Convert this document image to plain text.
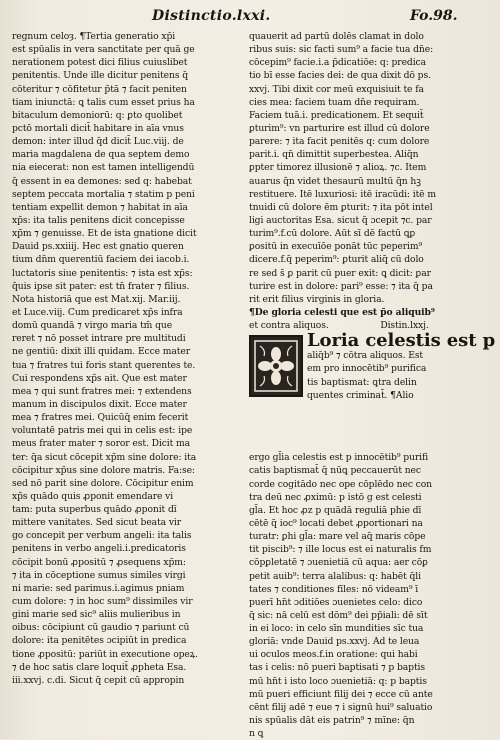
Distinctio.lxxi.	Fo.98.
regnum celoȝ. ¶Tertia generatio xp̄i
est spūalis in vera sanctitate per quā ge
nerationem potest dici filius cuiuslibet
penitentis. Unde ille dicitur penitens q̄
cōteritur ⁊ cōfitetur p̄tā ⁊ facit peniten
tiam iniunctā: ꝗ talis cum esset prius ha
bitaculum demoniorū: q: ꝑto quolibet
pctō mortali dicit̄ habitare in aīa vnus
demon: inter illud q̄d dicit̄ Luc.viij. de
maria magdalena de qua septem demo
nia eiecerat: non est tamen intelligendū
q̄ essent in ea demones: sed q: habebat
septem peccata mortalia ⁊ statim p peni
tentiam expellit demon ⁊ habitat in aīa
xp̄s: ita talis penitens dicit concepisse
xp̄m ⁊ genuisse. Et de ista gnatione dicit
Dauid ps.xxiiij. Hec est gnatio queren
tium dn̄m querentiū faciem dei iacob.i.
luctatoris siue penitentis: ⁊ ista est xp̄s:
q̄uis ipse sit pater: est tn̄ frater ⁊ filius.
Nota historiā que est Mat.xij. Mar.iij.
et Luce.viij. Cum predicaret xp̄s infra
domū quandā ⁊ virgo maria tm̄ que
reret ⁊ nō posset intrare pre multitudi
ne gentiū: dixit illi quidam. Ecce mater
tua ⁊ fratres tui foris stant querentes te.
Cui respondens xp̄s ait. Que est mater
mea ⁊ qui sunt fratres mei: ⁊ extendens
manum in discipulos dixit. Ecce mater
mea ⁊ fratres mei. Quicūq̄ enim fecerit
voluntatē patris mei qui in celis est: ipe
meus frater mater ⁊ soror est. Dicit ma
ter: q̄a sicut cōcepit xp̄m sine dolore: ita
cōcipitur xp̄us sine dolore matris. Fa:se:
sed nō parit sine dolore. Cōcipitur enim
xp̄s quādo quis ꝓponit emendare vi
tam: puta superbus quādo ꝓponit dī
mittere vanitates. Sed sicut beata vir
go concepit per verbum angeli: ita talis
penitens in verbo angeli.i.predicatoris
cōcipit bonū ꝓpositū ⁊ ꝓsequens xp̄m:
⁊ ita in cōceptione sumus similes virgi
ni marie: sed parimus.i.agimus pniam
cum dolore: ⁊ in hoc sum⁹ dissimiles vir
gini marie sed sic⁹ aliis mulieribus in
oibus: cōcipiunt cū gaudio ⁊ pariunt cū
dolore: ita penitētes ɔcipiūt in predica
tione ꝓpositū: pariūt in executione opeꝝ.
⁊ de hoc satis clare loquit̄ ꝓpheta Esa.
iii.xxvj. c.di. Sicut q̄ cepit cū appropin
quauerit ad partū dolēs clamat in dolo
ribus suis: sic facti sum⁹ a facie tua dn̄e:
cōcepim⁹ facie.i.a p̄dicatiōe: q: predica
tio bī esse facies dei: de qua dixit dō ps.
xxvj. Tibi dixit cor meū exquisiuit te fa
cies mea: faciem tuam dn̄e requiram.
Faciem tuā.i. predicationem. Et sequit̄
ꝑturim⁹: vn parturire est illud cū dolore
parere: ⁊ ita facit penitēs q: cum dolore
parit.i. qn̄ dimittit superbestea. Aliq̄n
ꝑpter timorez illusionē ⁊ alioꝝ. ⁊c. Item
auarus q̄n videt thesaurū multū q̄n hꝫ
restituere. Itē luxuriosi: itē iracūdi: itē m
tnuidi cū dolore ēm ꝑturit: ⁊ ita pōt intel
ligi auctoritas Esa. sicut q̄ ɔcepit ⁊c. par
turim⁹.f.cū dolore. Aūt sī dē factū ꝗꝑ
ꝑositū in execuīōe ponāt tūc peperim⁹
dicere.f.q̄ peperim⁹: ꝑturit aliq̄ cū dolo
re sed s̄ ꝑ parit cū puer exit: ꝗ dicit: ꝑar
turire est in dolore: pari⁹ esse: ⁊ ita q̄ pa
rit erit filius virginis in gloria.
¶De gloria celesti que est p̄o aliquib⁹
et contra aliquos.	Distin.lxxj.
Loria celestis est p
aliq̄b⁹ ⁊ cōtra aliquos. Est
em pro innocētib⁹ purifica
tis baptismat: ꝗtra delin
quentes criminat̄. ¶Alio
ergo gl̄ia celestis est p innocētib⁹ purifi
catis baptismat̄ q̄ nūꝗ peccauerūt nec
corde cogitādo nec ope cōplēdo nec con
tra deū nec ꝓximū: p istō g est celesti
gl̄a. Et hoc ꝓz p quādā reguliā phie dī
cētē q̄ ioc⁹ locati debet ꝓportionari na
turatr: ꝑhi gl̄a: mare vel aq̄ maris cōpe
tit piscib⁹: ⁊ ille locus est ei naturalis fm
cōpꝑletatē ⁊ ɔuenietiā cū aqua: aer cōꝑ
petit auib⁹: terra alalibus: q: habēt q̄li
tates ⁊ conditiones fīles: nō videam⁹ ī
puerī hn̄t ɔditiōes ɔuenietes celo: dico
q̄ sic: nā celū est dōm⁹ dei pp̄iali: dē sīt
in ei loco: in celo sīn mundities sīc tua
gloriā: vnde Dauid ps.xxvj. Ad te leua
ui oculos meos.f.in oratione: qui habi
tas i celis: nō pueri baptisati ⁊ p baptis
mū hn̄t i isto loco ɔuenietiā: q: p baptis
mū pueri efficiunt filij dei ⁊ ecce cū ante
cēnt filij adē ⁊ eue ⁊ i signū hui⁹ saluatio
nis spūalis dāt eis patrin⁹ ⁊ mīne: q̄n
n ꝗ
